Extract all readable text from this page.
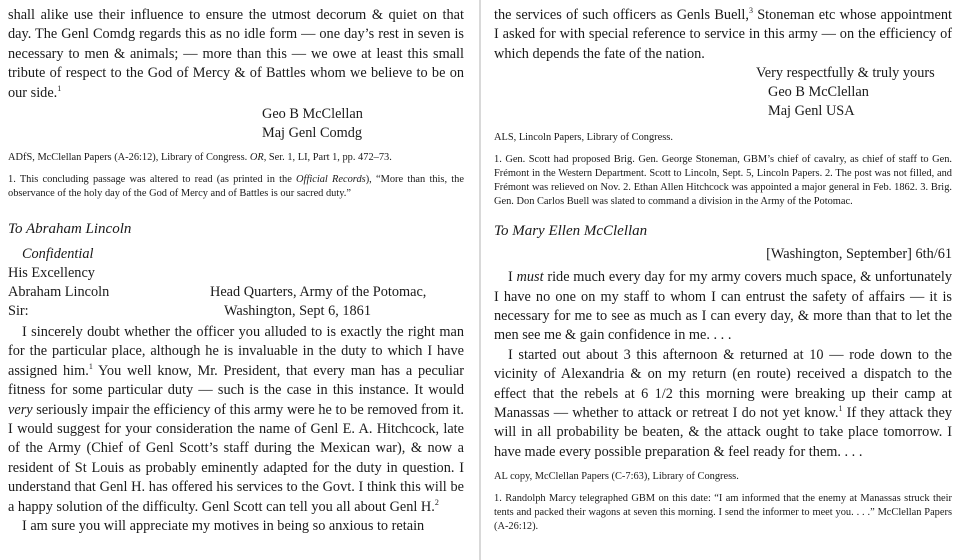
shall alike use their influence to ensure the utmost decorum & quiet on that day. The Genl Comdg regards this as no idle form — one day’s rest in seven is necessary to men & animals; — more than this — we owe at least this small tribute of respect to the God of Mercy & of Battles whom we believe to be on our side.$^1$

Geo B McClellan
Maj Genl Comdg

ADfS, McClellan Papers (A-26:12), Library of Congress. OR, Ser. 1, LI, Part 1, pp. 472–73.

1. This concluding passage was altered to read (as printed in the Official Records), “More than this, the observance of the holy day of the God of Mercy and of Battles is our sacred duty.”

To Abraham Lincoln
Confidential
His Excellency
Abraham Lincoln	Head Quarters, Army of the Potomac,
Sir:	Washington, Sept 6, 1861

I sincerely doubt whether the officer you alluded to is exactly the right man for the particular place, although he is invaluable in the duty to which I have assigned him.$^1$ You well know, Mr. President, that every man has a peculiar fitness for some particular duty — such is the case in this instance. It would very seriously impair the efficiency of this army were he to be removed from it. I would suggest for your consideration the name of Genl E. A. Hitchcock, late of the Army (Chief of Genl Scott’s staff during the Mexican war), & now a resident of St Louis as probably eminently adapted for the duty in question. I understand that Genl H. has offered his services to the Govt. I think this will be a happy solution of the difficulty. Genl Scott can tell you all about Genl H.$^2$

I am sure you will appreciate my motives in being so anxious to retain

the services of such officers as Genls Buell,$^3$ Stoneman etc whose appointment I asked for with special reference to service in this army — on the efficiency of which depends the fate of the nation.

Very respectfully & truly yours
Geo B McClellan
Maj Genl USA

ALS, Lincoln Papers, Library of Congress.

1. Gen. Scott had proposed Brig. Gen. George Stoneman, GBM’s chief of cavalry, as chief of staff to Gen. Frémont in the Western Department. Scott to Lincoln, Sept. 5, Lincoln Papers. 2. The post was not filled, and Frémont was relieved on Nov. 2. Ethan Allen Hitchcock was appointed a major general in Feb. 1862. 3. Brig. Gen. Don Carlos Buell was slated to command a division in the Army of the Potomac.

To Mary Ellen McClellan
[Washington, September] 6th/61

I must ride much every day for my army covers much space, & unfortunately I have no one on my staff to whom I can entrust the safety of affairs — it is necessary for me to see as much as I can every day, & more than that to let the men see me & gain confidence in me. . . .

I started out about 3 this afternoon & returned at 10 — rode down to the vicinity of Alexandria & on my return (en route) received a dispatch to the effect that the rebels at 6 1/2 this morning were breaking up their camp at Manassas — whether to attack or retreat I do not yet know.$^1$ If they attack they will in all probability be beaten, & the attack ought to take place tomorrow. I have made every possible preparation & feel ready for them. . . .

AL copy, McClellan Papers (C-7:63), Library of Congress.

1. Randolph Marcy telegraphed GBM on this date: “I am informed that the enemy at Manassas struck their tents and packed their wagons at seven this morning. I send the informer to meet you. . . .” McClellan Papers (A-26:12).
